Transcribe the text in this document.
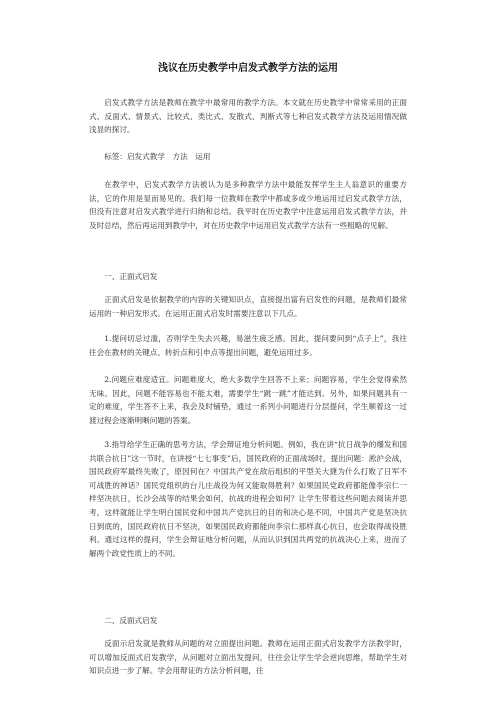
浅议在历史教学中启发式教学方法的运用

启发式教学方法是教师在教学中最常用的教学方法。本文就在历史教学中常常采用的正面式、反面式、情景式、比较式、类比式、发散式、判断式等七种启发式教学方法及运用情况做浅显的探讨。

标签：启发式教学　方法　运用

在教学中，启发式教学方法被认为是多种教学方法中最能发挥学生主人翁意识的重要方法，它的作用是显而易见的。我们每一位教师在教学中都或多或少地运用过启发式教学方法，但没有注意对启发式教学进行归纳和总结。我平时在历史教学中注意运用启发式教学方法，并及时总结，然后再运用到教学中，对在历史教学中运用启发式教学方法有一些粗略的见解。

一、正面式启发

正面式启发是依据教学的内容的关键知识点，直接提出富有启发性的问题，是教师们最常运用的一种启发形式。在运用正面式启发时需要注意以下几点。

1.提问切忌过滥，否则学生失去兴趣，易滋生疲乏感。因此，提问要问到“点子上”，我往往会在教材的关键点、转折点和引申点等提出问题，避免运用过多。

2.问题应难度适宜。问题难度大，绝大多数学生回答不上来；问题容易，学生会觉得索然无味。因此，问题不能容易也不能太难，需要学生“跳一跳”才能达到。另外，如果问题具有一定的难度，学生答不上来，我会及时铺垫，通过一系列小问题进行分层提问，学生顺着这一过渡过程会逐渐明晰问题的答案。

3.指导给学生正确的思考方法，学会辩证地分析问题。例如，我在讲“抗日战争的爆发和国共联合抗日”这一节时，在讲授“七七事变”后，国民政府的正面战场时，提出问题：淞沪会战，国民政府军最终失败了，原因何在？中国共产党在敌后组织的平型关大捷为什么打败了日军不可战胜的神话？国民党组织的台儿庄战役为何又能取得胜利？如果国民党政府都能像李宗仁一样坚决抗日，长沙会战等的结果会如何，抗战的进程会如何？让学生带着这些问题去阅读并思考，这样就能让学生明白国民党和中国共产党抗日的目的和决心是不同，中国共产党是坚决抗日到底的，国民政府抗日不坚决，如果国民政府都能向李宗仁那样真心抗日，也会取得战役胜利。通过这样的提问，学生会辩证地分析问题，从而认识到国共两党的抗战决心上来，进而了解两个政党性质上的不同。

二、反面式启发

反面示启发就是教师从问题的对立面提出问题。教师在运用正面式启发教学方法教学时，可以增加反面式启发教学，从问题对立面出发提问，往往会让学生学会逆向思维，帮助学生对知识点进一步了解。学会用辩证的方法分析问题，往
